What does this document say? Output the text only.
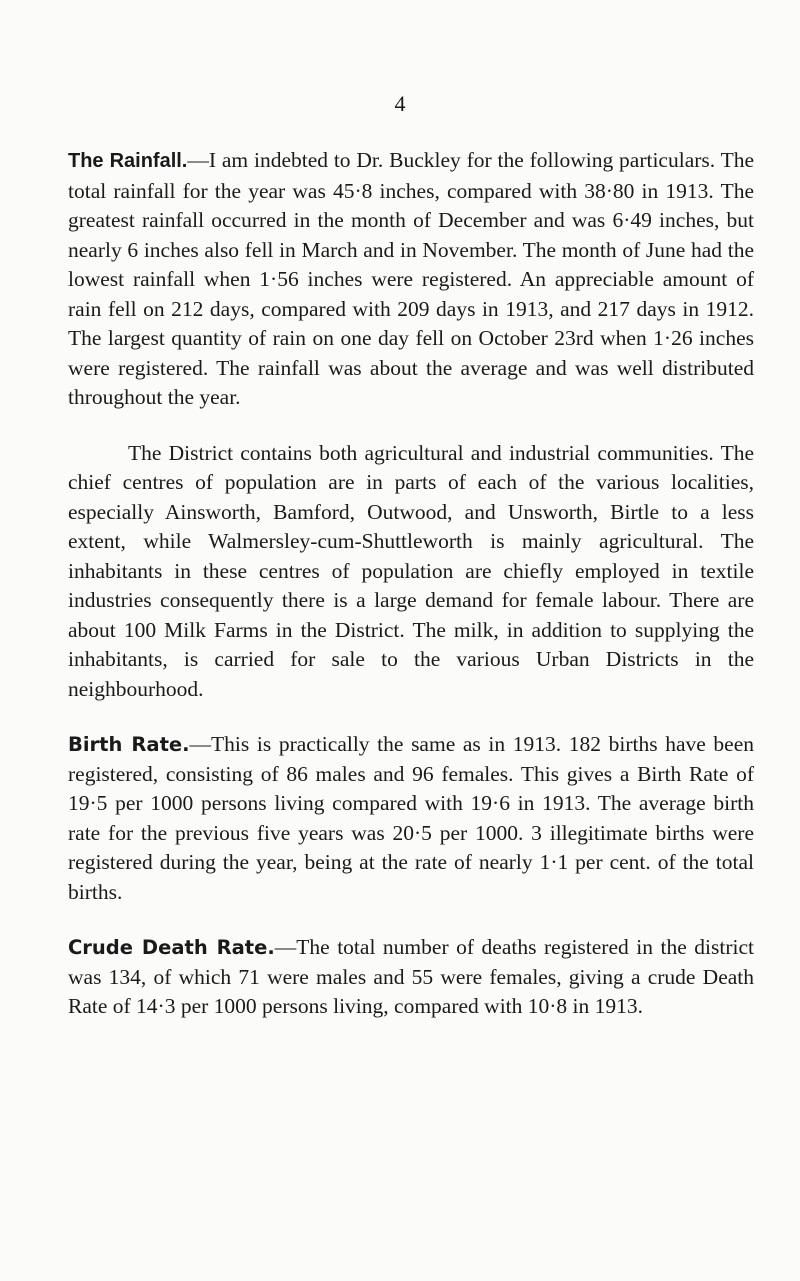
4

The Rainfall.—I am indebted to Dr. Buckley for the following particulars. The total rainfall for the year was 45·8 inches, compared with 38·80 in 1913. The greatest rainfall occurred in the month of December and was 6·49 inches, but nearly 6 inches also fell in March and in November. The month of June had the lowest rainfall when 1·56 inches were registered. An appreciable amount of rain fell on 212 days, compared with 209 days in 1913, and 217 days in 1912. The largest quantity of rain on one day fell on October 23rd when 1·26 inches were registered. The rainfall was about the average and was well distributed throughout the year.

The District contains both agricultural and industrial communities. The chief centres of population are in parts of each of the various localities, especially Ainsworth, Bamford, Outwood, and Unsworth, Birtle to a less extent, while Walmersley-cum-Shuttleworth is mainly agricultural. The inhabitants in these centres of population are chiefly employed in textile industries consequently there is a large demand for female labour. There are about 100 Milk Farms in the District. The milk, in addition to supplying the inhabitants, is carried for sale to the various Urban Districts in the neighbourhood.

Birth Rate.—This is practically the same as in 1913. 182 births have been registered, consisting of 86 males and 96 females. This gives a Birth Rate of 19·5 per 1000 persons living compared with 19·6 in 1913. The average birth rate for the previous five years was 20·5 per 1000. 3 illegitimate births were registered during the year, being at the rate of nearly 1·1 per cent. of the total births.

Crude Death Rate.—The total number of deaths registered in the district was 134, of which 71 were males and 55 were females, giving a crude Death Rate of 14·3 per 1000 persons living, compared with 10·8 in 1913.
